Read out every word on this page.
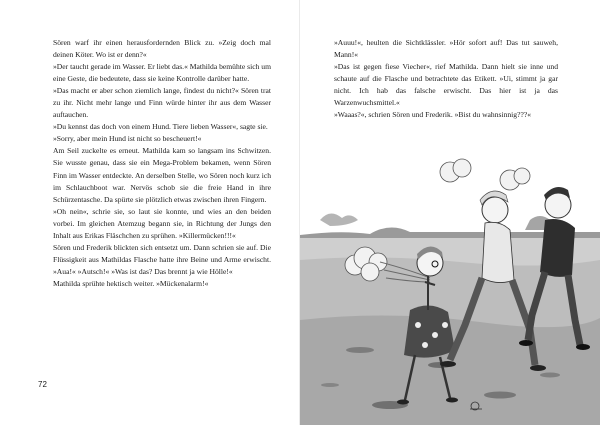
Sören warf ihr einen herausfordernden Blick zu. »Zeig doch mal deinen Köter. Wo ist er denn?«

»Der taucht gerade im Wasser. Er liebt das.« Mathilda bemühte sich um eine Geste, die bedeutete, dass sie keine Kontrolle darüber hatte.

»Das macht er aber schon ziemlich lange, findest du nicht?« Sören trat zu ihr. Nicht mehr lange und Finn würde hinter ihr aus dem Wasser auftauchen.

»Du kennst das doch von einem Hund. Tiere lieben Wasser«, sagte sie.

»Sorry, aber mein Hund ist nicht so bescheuert!«

Am Seil zuckelte es erneut. Mathilda kam so langsam ins Schwitzen. Sie wusste genau, dass sie ein Mega-Problem bekamen, wenn Sören Finn im Wasser entdeckte. An derselben Stelle, wo Sören noch kurz ich im Schlauchboot war. Nervös schob sie die freie Hand in ihre Schürzentasche. Da spürte sie plötzlich etwas zwischen ihren Fingern.

»Oh nein«, schrie sie, so laut sie konnte, und wies an den beiden vorbei. Im gleichen Atemzug begann sie, in Richtung der Jungs den Inhalt aus Erikas Fläschchen zu sprühen. »Killermücken!!!«

Sören und Frederik blickten sich entsetzt um. Dann schrien sie auf. Die Flüssigkeit aus Mathildas Flasche hatte ihre Beine und Arme erwischt. »Aua!« »Autsch!« »Was ist das? Das brennt ja wie Hölle!«

Mathilda sprühte hektisch weiter. »Mückenalarm!«

72

»Auuu!«, heulten die Sichtklässler. »Hör sofort auf! Das tut sauweh, Mann!«

»Das ist gegen fiese Viecher«, rief Mathilda. Dann hielt sie inne und schaute auf die Flasche und betrachtete das Etikett. »Ui, stimmt ja gar nicht. Ich hab das falsche erwischt. Das hier ist ja das Warzenwuchsmittel.«

»Waaas?«, schrien Sören und Frederik. »Bist du wahnsinnig???«
